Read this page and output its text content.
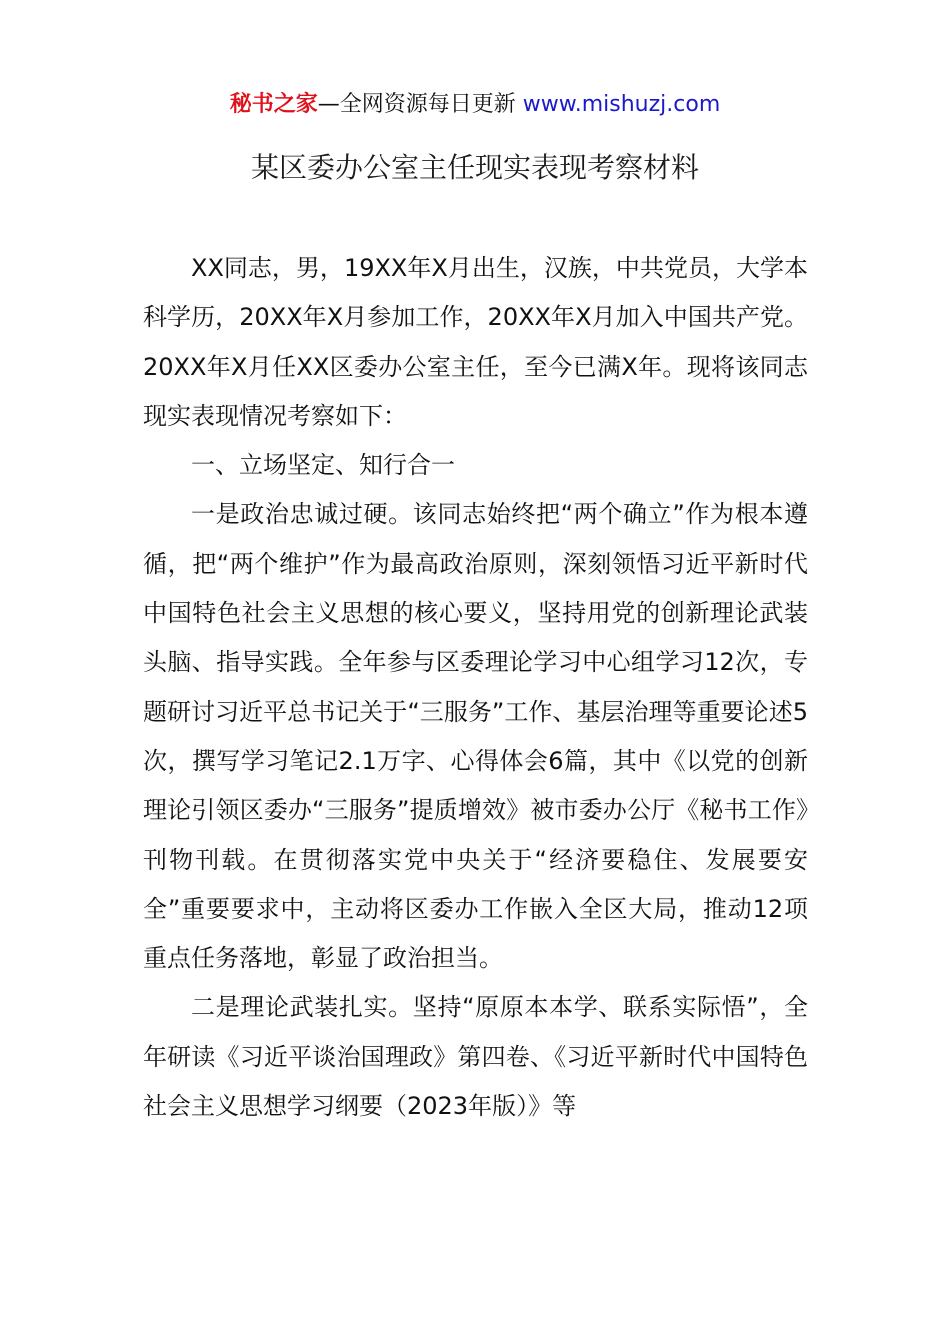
秘书之家—全网资源每日更新 www.mishuzj.com
某区委办公室主任现实表现考察材料

XX同志，男，19XX年X月出生，汉族，中共党员，大学本科学历，20XX年X月参加工作，20XX年X月加入中国共产党。20XX年X月任XX区委办公室主任，至今已满X年。现将该同志现实表现情况考察如下：

一、立场坚定、知行合一

一是政治忠诚过硬。该同志始终把“两个确立”作为根本遵循，把“两个维护”作为最高政治原则，深刻领悟习近平新时代中国特色社会主义思想的核心要义，坚持用党的创新理论武装头脑、指导实践。全年参与区委理论学习中心组学习12次，专题研讨习近平总书记关于“三服务”工作、基层治理等重要论述5次，撰写学习笔记2.1万字、心得体会6篇，其中《以党的创新理论引领区委办“三服务”提质增效》被市委办公厅《秘书工作》刊物刊载。在贯彻落实党中央关于“经济要稳住、发展要安全”重要要求中，主动将区委办工作嵌入全区大局，推动12项重点任务落地，彰显了政治担当。

二是理论武装扎实。坚持“原原本本学、联系实际悟”，全年研读《习近平谈治国理政》第四卷、《习近平新时代中国特色社会主义思想学习纲要（2023年版）》等
